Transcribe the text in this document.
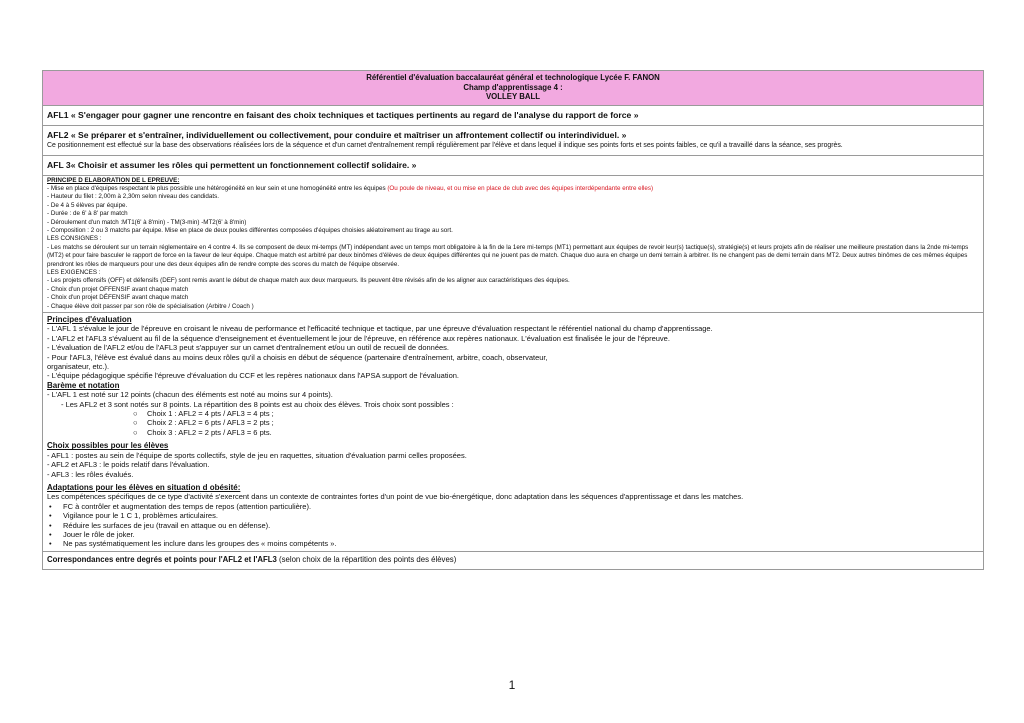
Référentiel d'évaluation baccalauréat général et technologique Lycée F. FANON
Champ d'apprentissage 4 :
VOLLEY BALL
AFL1 « S'engager pour gagner une rencontre en faisant des choix techniques et tactiques pertinents au regard de l'analyse du rapport de force »
AFL2 « Se préparer et s'entraîner, individuellement ou collectivement, pour conduire et maîtriser un affrontement collectif ou interindividuel. »
Ce positionnement est effectué sur la base des observations réalisées lors de la séquence et d'un carnet d'entraînement rempli régulièrement par l'élève et dans lequel il indique ses points forts et ses points faibles, ce qu'il a travaillé dans la séance, ses progrès.
AFL 3« Choisir et assumer les rôles qui permettent un fonctionnement collectif solidaire. »

PRINCIPE D ELABORATION DE L EPREUVE:

- Mise en place d'équipes respectant le plus possible une hétérogénéité en leur sein et une homogénéité entre les équipes (Ou poule de niveau, et ou mise en place de club avec des équipes interdépendante entre elles)

- Hauteur du filet : 2,00m à 2,30m selon niveau des candidats.

- De 4 à 5 élèves par équipe.

- Durée : de 6' à 8' par match

- Déroulement d'un match :MT1(6' à 8'min) - TM(3-min) -MT2(6' à 8'min)

- Composition : 2 ou 3 matchs par équipe. Mise en place de deux poules différentes composées d'équipes choisies aléatoirement au tirage au sort.

LES CONSIGNES :

- Les matchs se déroulent sur un terrain réglementaire en 4 contre 4. Ils se composent de deux mi-temps (MT) indépendant avec un temps mort obligatoire à la fin de la 1ere mi-temps (MT1) permettant aux équipes de revoir leur(s) tactique(s), stratégie(s) et leurs projets afin de réaliser une meilleure prestation dans la 2nde mi-temps (MT2) et pour faire basculer le rapport de force en la faveur de leur équipe. Chaque match est arbitré par deux binômes d'élèves de deux équipes différentes qui ne jouent pas de match. Chaque duo aura en charge un demi terrain à arbitrer. Ils ne changent pas de demi terrain dans MT2. Deux autres binômes de ces mêmes équipes prendront les rôles de marqueurs pour une des deux équipes afin de rendre compte des scores du match de l'équipe observée.

LES EXIGENCES :

- Les projets offensifs (OFF) et défensifs (DEF) sont remis avant le début de chaque match aux deux marqueurs. Ils peuvent être révisés afin de les aligner aux caractéristiques des équipes.

- Choix d'un projet OFFENSIF avant chaque match

- Choix d'un projet DÉFENSIF avant chaque match

- Chaque élève doit passer par son rôle de spécialisation (Arbitre / Coach )

Principes d'évaluation

- L'AFL 1 s'évalue le jour de l'épreuve en croisant le niveau de performance et l'efficacité technique et tactique, par une épreuve d'évaluation respectant le référentiel national du champ d'apprentissage.

- L'AFL2 et l'AFL3 s'évaluent au fil de la séquence d'enseignement et éventuellement le jour de l'épreuve, en référence aux repères nationaux. L'évaluation est finalisée le jour de l'épreuve.

- L'évaluation de l'AFL2 et/ou de l'AFL3 peut s'appuyer sur un carnet d'entraînement et/ou un outil de recueil de données.

- Pour l'AFL3, l'élève est évalué dans au moins deux rôles qu'il a choisis en début de séquence (partenaire d'entraînement, arbitre, coach, observateur,

organisateur, etc.).

- L'équipe pédagogique spécifie l'épreuve d'évaluation du CCF et les repères nationaux dans l'APSA support de l'évaluation.

Barème et notation

- L'AFL 1 est noté sur 12 points (chacun des éléments est noté au moins sur 4 points).

- Les AFL2 et 3 sont notés sur 8 points. La répartition des 8 points est au choix des élèves. Trois choix sont possibles :

○ Choix 1 : AFL2 = 4 pts / AFL3 = 4 pts ;

○ Choix 2 : AFL2 = 6 pts / AFL3 = 2 pts ;

○ Choix 3 : AFL2 = 2 pts / AFL3 = 6 pts.

Choix possibles pour les élèves

- AFL1 : postes au sein de l'équipe de sports collectifs, style de jeu en raquettes, situation d'évaluation parmi celles proposées.

- AFL2 et AFL3 : le poids relatif dans l'évaluation.

- AFL3 : les rôles évalués.

Adaptations pour les élèves en situation d obésité:

Les compétences spécifiques de ce type d'activité s'exercent dans un contexte de contraintes fortes d'un point de vue bio-énergétique, donc adaptation dans les séquences d'apprentissage et dans les matches.

• FC à contrôler et augmentation des temps de repos (attention particulière).

• Vigilance pour le 1 C 1, problèmes articulaires.

• Réduire les surfaces de jeu (travail en attaque ou en défense).

• Jouer le rôle de joker.

• Ne pas systématiquement les inclure dans les groupes des « moins compétents ».

Correspondances entre degrés et points pour l'AFL2 et l'AFL3 (selon choix de la répartition des points des élèves)
1
